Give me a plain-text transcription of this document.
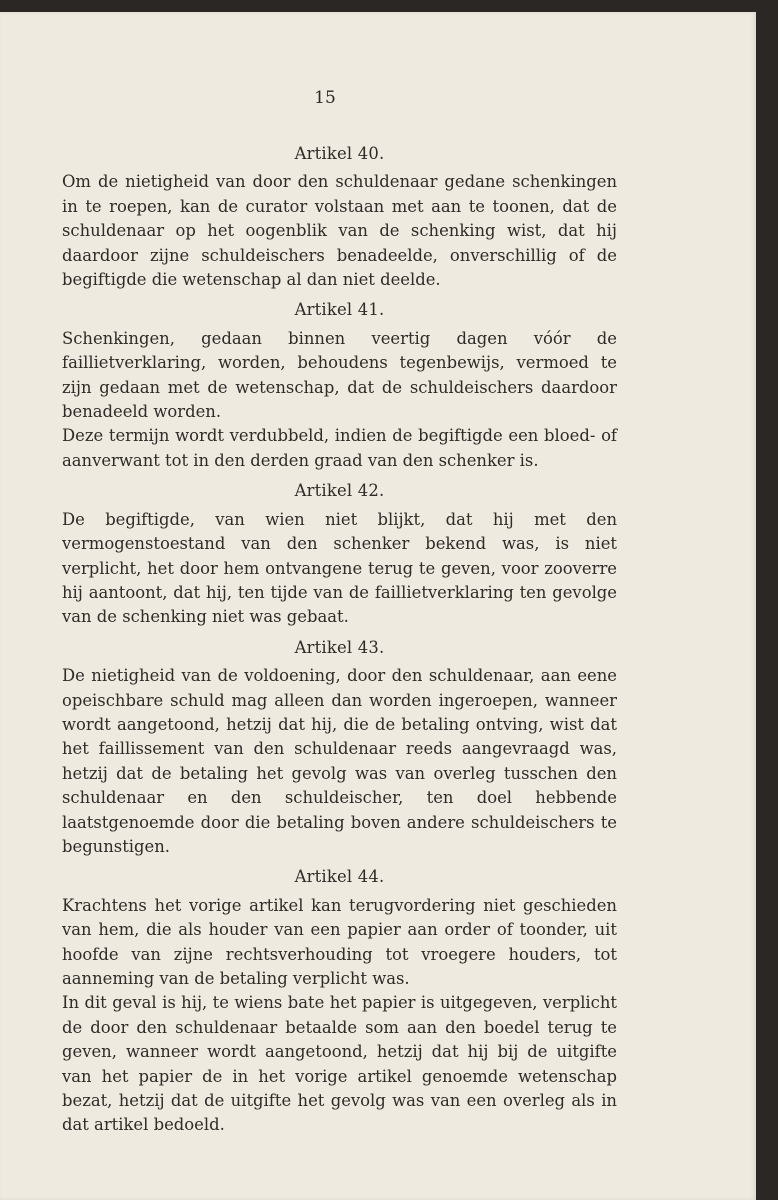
15
Artikel 40.

Om de nietigheid van door den schuldenaar gedane schenkingen in te roepen, kan de curator volstaan met aan te toonen, dat de schuldenaar op het oogenblik van de schenking wist, dat hij daardoor zijne schuldeischers benadeelde, onverschillig of de begiftigde die wetenschap al dan niet deelde.

Artikel 41.

Schenkingen, gedaan binnen veertig dagen vóór de faillietverklaring, worden, behoudens tegenbewijs, vermoed te zijn gedaan met de wetenschap, dat de schuldeischers daardoor benadeeld worden.

Deze termijn wordt verdubbeld, indien de begiftigde een bloed- of aanverwant tot in den derden graad van den schenker is.

Artikel 42.

De begiftigde, van wien niet blijkt, dat hij met den vermogenstoestand van den schenker bekend was, is niet verplicht, het door hem ontvangene terug te geven, voor zooverre hij aantoont, dat hij, ten tijde van de faillietverklaring ten gevolge van de schenking niet was gebaat.

Artikel 43.

De nietigheid van de voldoening, door den schuldenaar, aan eene opeischbare schuld mag alleen dan worden ingeroepen, wanneer wordt aangetoond, hetzij dat hij, die de betaling ontving, wist dat het faillissement van den schuldenaar reeds aangevraagd was, hetzij dat de betaling het gevolg was van overleg tusschen den schuldenaar en den schuldeischer, ten doel hebbende laatstgenoemde door die betaling boven andere schuldeischers te begunstigen.

Artikel 44.

Krachtens het vorige artikel kan terugvordering niet geschieden van hem, die als houder van een papier aan order of toonder, uit hoofde van zijne rechtsverhouding tot vroegere houders, tot aanneming van de betaling verplicht was.

In dit geval is hij, te wiens bate het papier is uitgegeven, verplicht de door den schuldenaar betaalde som aan den boedel terug te geven, wanneer wordt aangetoond, hetzij dat hij bij de uitgifte van het papier de in het vorige artikel genoemde wetenschap bezat, hetzij dat de uitgifte het gevolg was van een overleg als in dat artikel bedoeld.
